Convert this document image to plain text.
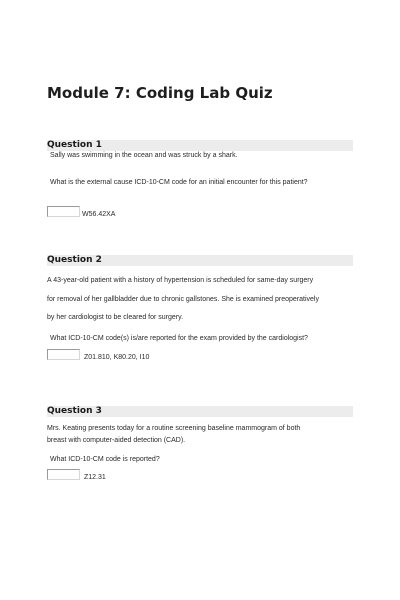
Module 7: Coding Lab Quiz
Question 1
Sally was swimming in the ocean and was struck by a shark.
What is the external cause ICD-10-CM code for an initial encounter for this patient?
W56.42XA
Question 2
A 43-year-old patient with a history of hypertension is scheduled for same-day surgery
for removal of her gallbladder due to chronic gallstones. She is examined preoperatively
by her cardiologist to be cleared for surgery.
What ICD-10-CM code(s) is/are reported for the exam provided by the cardiologist?
Z01.810, K80.20, I10
Question 3
Mrs. Keating presents today for a routine screening baseline mammogram of both
breast with computer-aided detection (CAD).
What ICD-10-CM code is reported?
Z12.31
